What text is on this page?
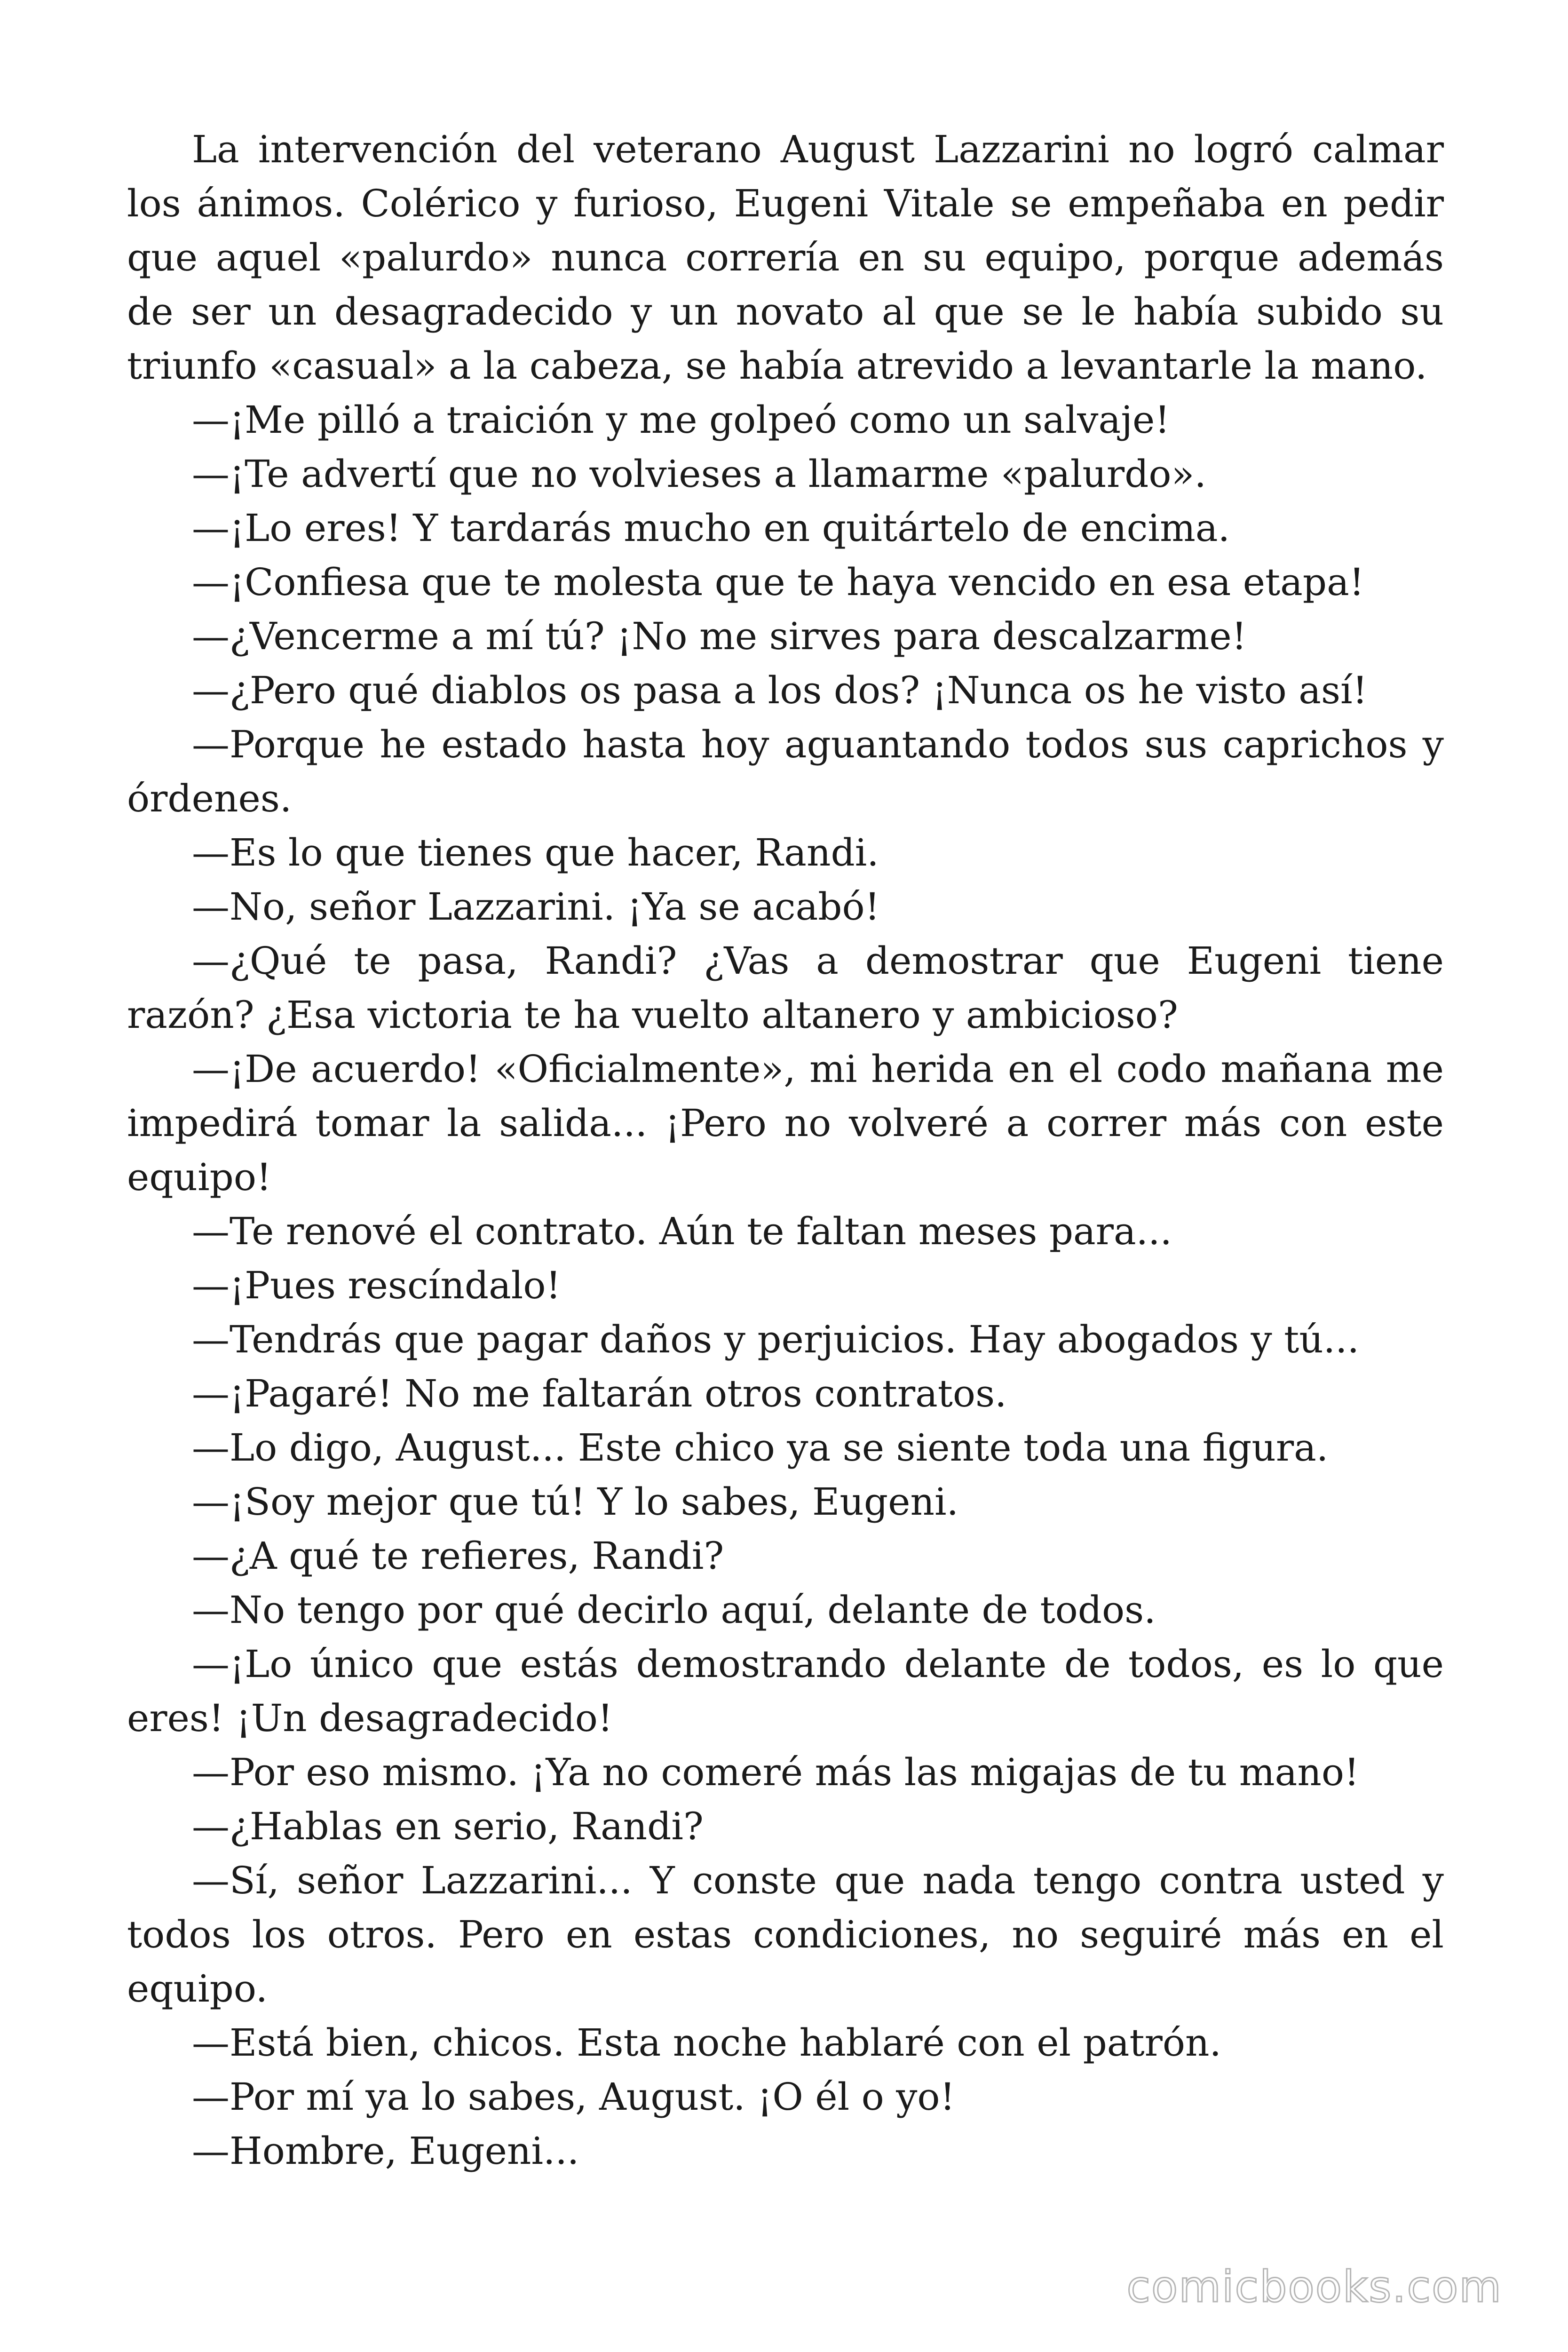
La intervención del veterano August Lazzarini no logró calmar los ánimos. Colérico y furioso, Eugeni Vitale se empeñaba en pedir que aquel «palurdo» nunca correría en su equipo, porque además de ser un desagradecido y un novato al que se le había subido su triunfo «casual» a la cabeza, se había atrevido a levantarle la mano.

—¡Me pilló a traición y me golpeó como un salvaje!

—¡Te advertí que no volvieses a llamarme «palurdo».

—¡Lo eres! Y tardarás mucho en quitártelo de encima.

—¡Confiesa que te molesta que te haya vencido en esa etapa!

—¿Vencerme a mí tú? ¡No me sirves para descalzarme!

—¿Pero qué diablos os pasa a los dos? ¡Nunca os he visto así!

—Porque he estado hasta hoy aguantando todos sus caprichos y órdenes.

—Es lo que tienes que hacer, Randi.

—No, señor Lazzarini. ¡Ya se acabó!

—¿Qué te pasa, Randi? ¿Vas a demostrar que Eugeni tiene razón? ¿Esa victoria te ha vuelto altanero y ambicioso?

—¡De acuerdo! «Oficialmente», mi herida en el codo mañana me impedirá tomar la salida... ¡Pero no volveré a correr más con este equipo!

—Te renové el contrato. Aún te faltan meses para...

—¡Pues rescíndalo!

—Tendrás que pagar daños y perjuicios. Hay abogados y tú...

—¡Pagaré! No me faltarán otros contratos.

—Lo digo, August... Este chico ya se siente toda una figura.

—¡Soy mejor que tú! Y lo sabes, Eugeni.

—¿A qué te refieres, Randi?

—No tengo por qué decirlo aquí, delante de todos.

—¡Lo único que estás demostrando delante de todos, es lo que eres! ¡Un desagradecido!

—Por eso mismo. ¡Ya no comeré más las migajas de tu mano!

—¿Hablas en serio, Randi?

—Sí, señor Lazzarini... Y conste que nada tengo contra usted y todos los otros. Pero en estas condiciones, no seguiré más en el equipo.

—Está bien, chicos. Esta noche hablaré con el patrón.

—Por mí ya lo sabes, August. ¡O él o yo!

—Hombre, Eugeni...

comicbooks.com
